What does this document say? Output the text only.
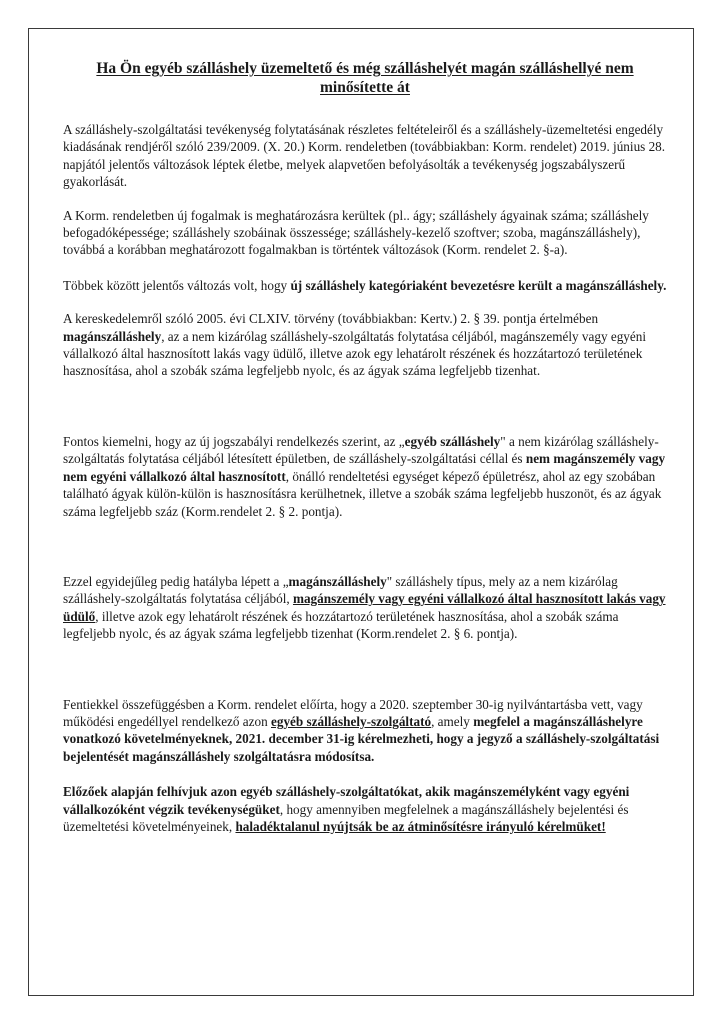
Ha Ön egyéb szálláshely üzemeltető és még szálláshelyét magán szálláshellyé nem minősítette át

A szálláshely-szolgáltatási tevékenység folytatásának részletes feltételeiről és a szálláshely-üzemeltetési engedély kiadásának rendjéről szóló 239/2009. (X. 20.) Korm. rendeletben (továbbiakban: Korm. rendelet) 2019. június 28. napjától jelentős változások léptek életbe, melyek alapvetően befolyásolták a tevékenység jogszabályszerű gyakorlását.

A Korm. rendeletben új fogalmak is meghatározásra kerültek (pl.. ágy; szálláshely ágyainak száma; szálláshely befogadóképessége; szálláshely szobáinak összessége; szálláshely-kezelő szoftver; szoba, magánszálláshely), továbbá a korábban meghatározott fogalmakban is történtek változások (Korm. rendelet 2. §-a).

Többek között jelentős változás volt, hogy új szálláshely kategóriaként bevezetésre került a magánszálláshely.

A kereskedelemről szóló 2005. évi CLXIV. törvény (továbbiakban: Kertv.) 2. § 39. pontja értelmében magánszálláshely, az a nem kizárólag szálláshely-szolgáltatás folytatása céljából, magánszemély vagy egyéni vállalkozó által hasznosított lakás vagy üdülő, illetve azok egy lehatárolt részének és hozzátartozó területének hasznosítása, ahol a szobák száma legfeljebb nyolc, és az ágyak száma legfeljebb tizenhat.

Fontos kiemelni, hogy az új jogszabályi rendelkezés szerint, az „egyéb szálláshely" a nem kizárólag szálláshely-szolgáltatás folytatása céljából létesített épületben, de szálláshely-szolgáltatási céllal és nem magánszemély vagy nem egyéni vállalkozó által hasznosított, önálló rendeltetési egységet képező épületrész, ahol az egy szobában található ágyak külön-külön is hasznosításra kerülhetnek, illetve a szobák száma legfeljebb huszonöt, és az ágyak száma legfeljebb száz (Korm.rendelet 2. § 2. pontja).

Ezzel egyidejűleg pedig hatályba lépett a „magánszálláshely" szálláshely típus, mely az a nem kizárólag szálláshely-szolgáltatás folytatása céljából, magánszemély vagy egyéni vállalkozó által hasznosított lakás vagy üdülő, illetve azok egy lehatárolt részének és hozzátartozó területének hasznosítása, ahol a szobák száma legfeljebb nyolc, és az ágyak száma legfeljebb tizenhat (Korm.rendelet 2. § 6. pontja).

Fentiekkel összefüggésben a Korm. rendelet előírta, hogy a 2020. szeptember 30-ig nyilvántartásba vett, vagy működési engedéllyel rendelkező azon egyéb szálláshely-szolgáltató, amely megfelel a magánszálláshelyre vonatkozó követelményeknek, 2021. december 31-ig kérelmezheti, hogy a jegyző a szálláshely-szolgáltatási bejelentését magánszálláshely szolgáltatásra módosítsa.

Előzőek alapján felhívjuk azon egyéb szálláshely-szolgáltatókat, akik magánszemélyként vagy egyéni vállalkozóként végzik tevékenységüket, hogy amennyiben megfelelnek a magánszálláshely bejelentési és üzemeltetési követelményeinek, haladéktalanul nyújtsák be az átminősítésre irányuló kérelmüket!
